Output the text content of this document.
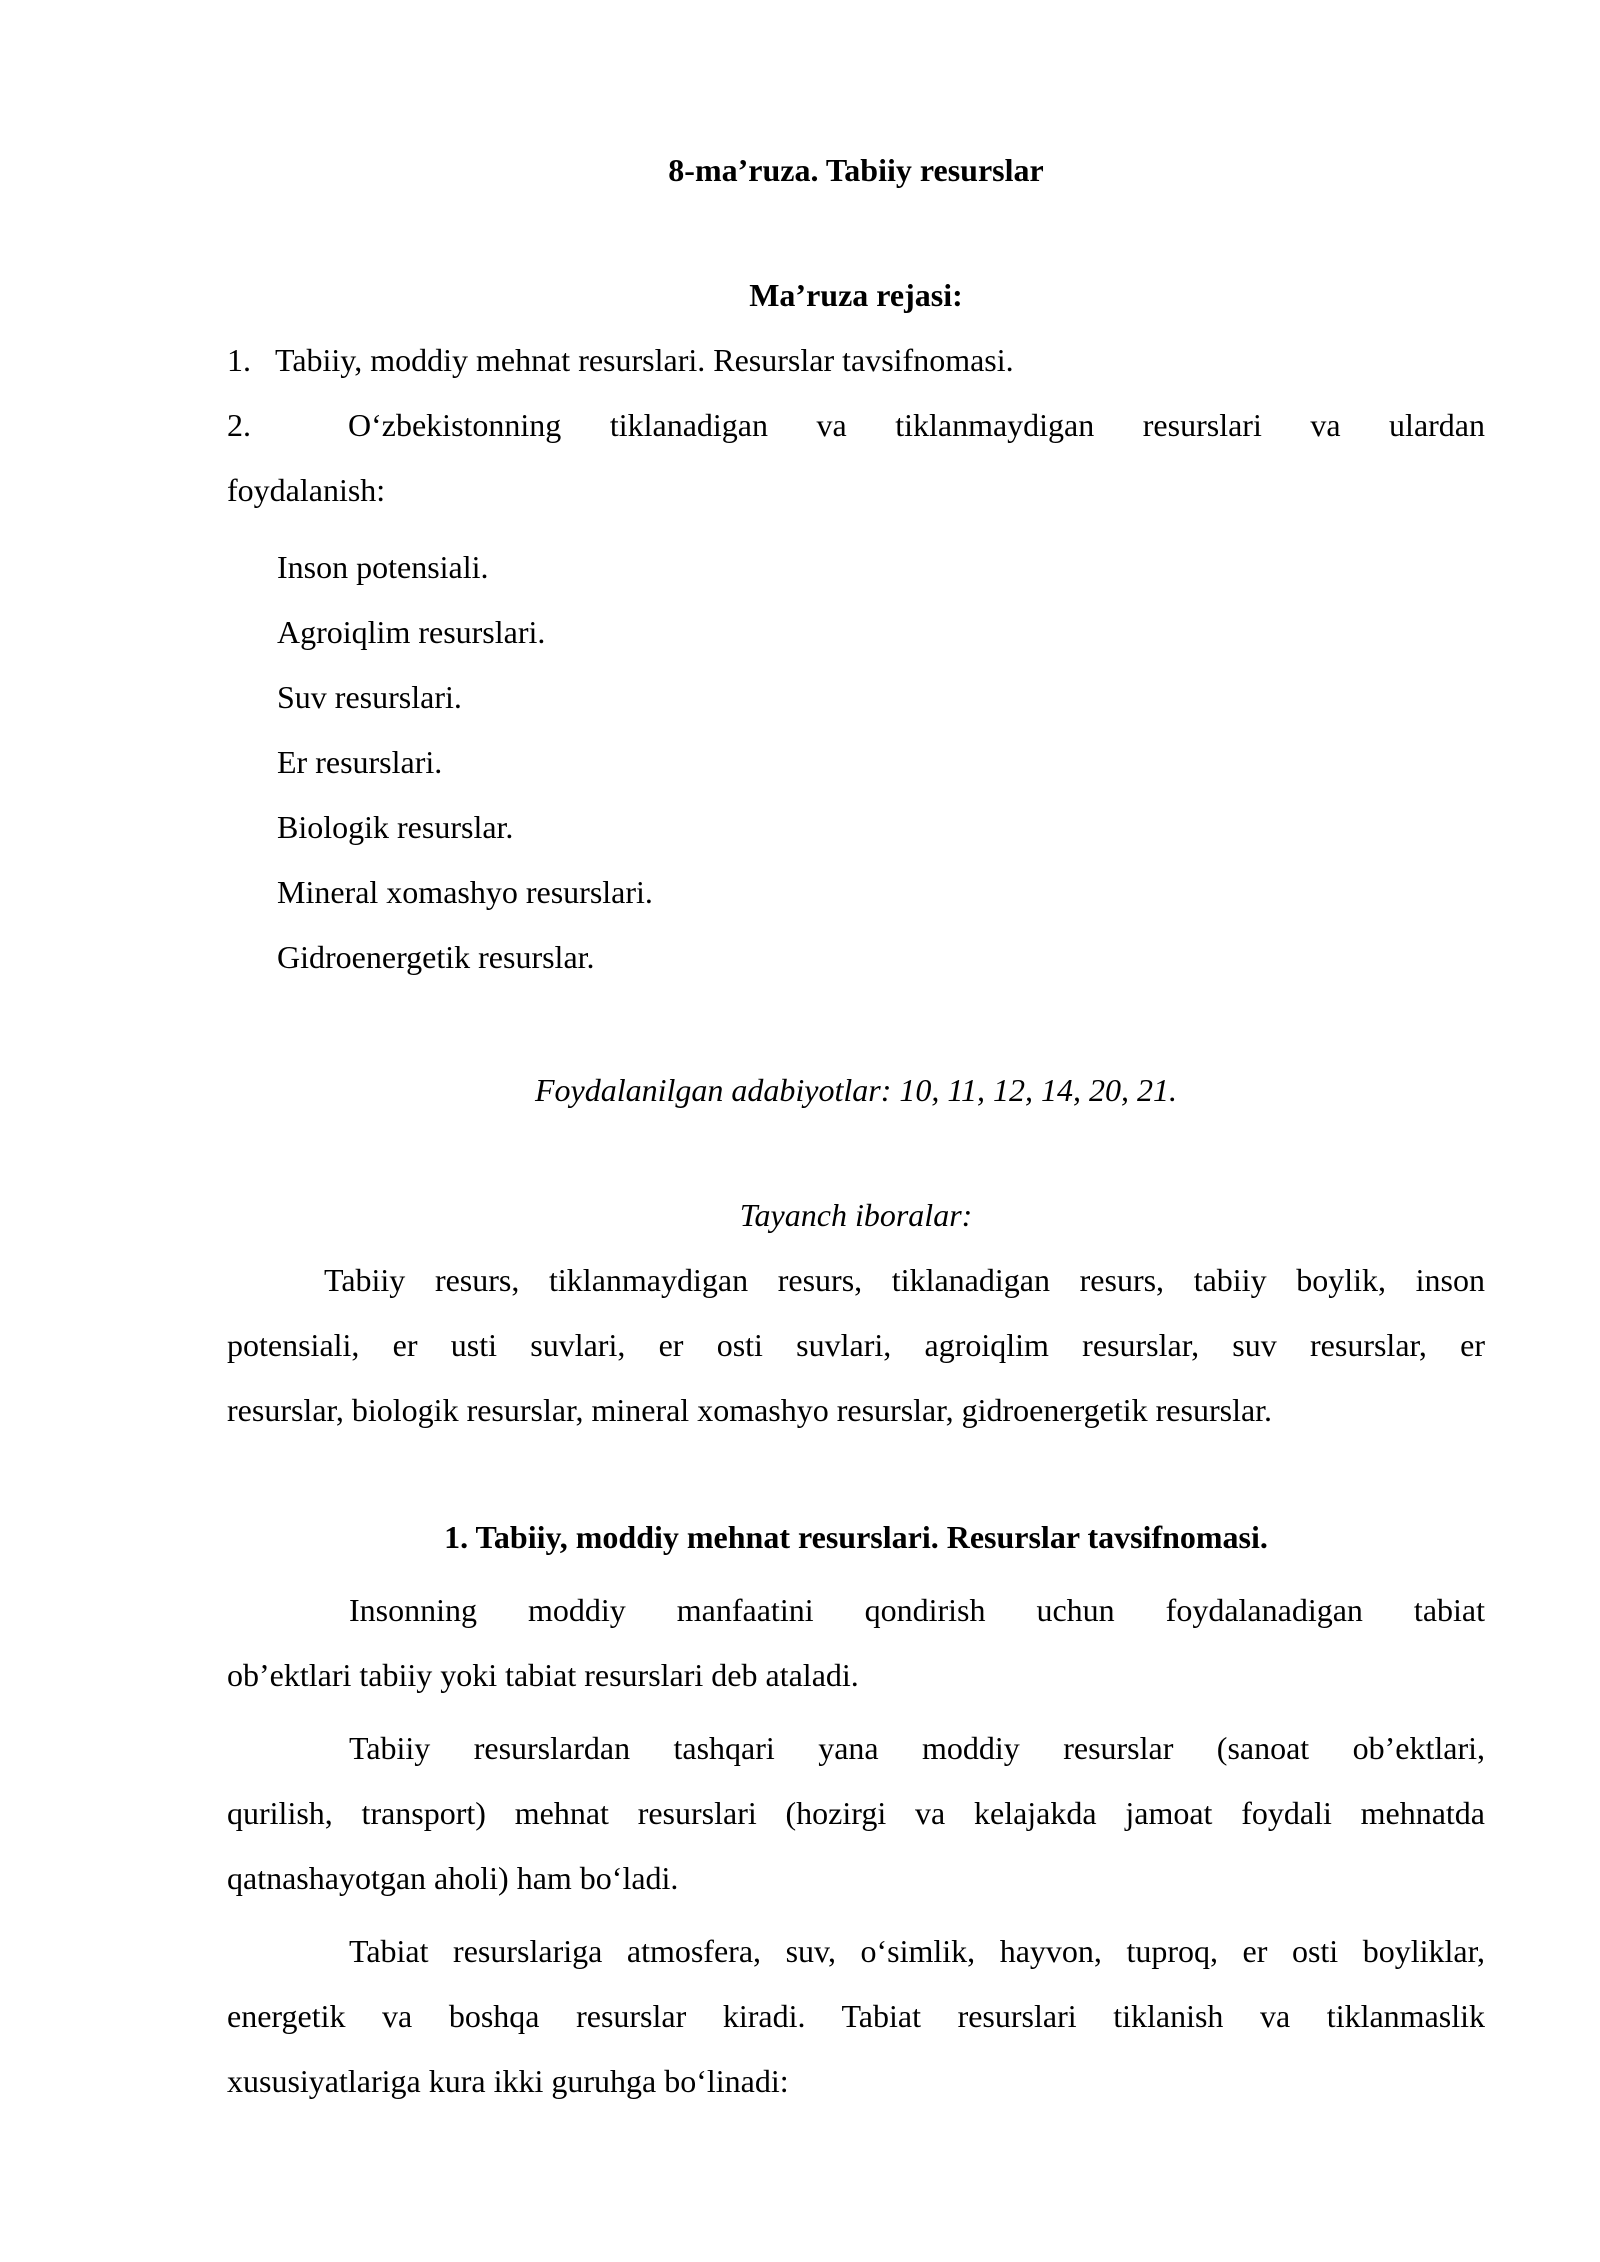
8-ma’ruza. Tabiiy resurslar
Ma’ruza rejasi:
1.   Tabiiy, moddiy mehnat resurslari. Resurslar tavsifnomasi.
2.  Oʻzbekistonning tiklanadigan va tiklanmaydigan resurslari va ulardan
foydalanish:
Inson potensiali.
Agroiqlim resurslari.
Suv resurslari.
Er resurslari.
Biologik resurslar.
Mineral xomashyo resurslari.
Gidroenergetik resurslar.
Foydalanilgan adabiyotlar: 10, 11, 12, 14, 20, 21.
Tayanch iboralar:
Tabiiy resurs, tiklanmaydigan resurs, tiklanadigan resurs, tabiiy boylik, inson
potensiali, er usti suvlari, er osti suvlari, agroiqlim resurslar, suv resurslar, er
resurslar, biologik resurslar, mineral xomashyo resurslar, gidroenergetik resurslar.
1. Tabiiy, moddiy mehnat resurslari. Resurslar tavsifnomasi.
Insonning moddiy manfaatini qondirish uchun foydalanadigan tabiat
ob’ektlari tabiiy yoki tabiat resurslari deb ataladi.
Tabiiy resurslardan tashqari yana moddiy resurslar (sanoat ob’ektlari,
qurilish, transport) mehnat resurslari (hozirgi va kelajakda jamoat foydali mehnatda
qatnashayotgan aholi) ham boʻladi.
Tabiat resurslariga atmosfera, suv, oʻsimlik, hayvon, tuproq, er osti boyliklar,
energetik va boshqa resurslar kiradi. Tabiat resurslari tiklanish va tiklanmaslik
xususiyatlariga kura ikki guruhga boʻlinadi:
